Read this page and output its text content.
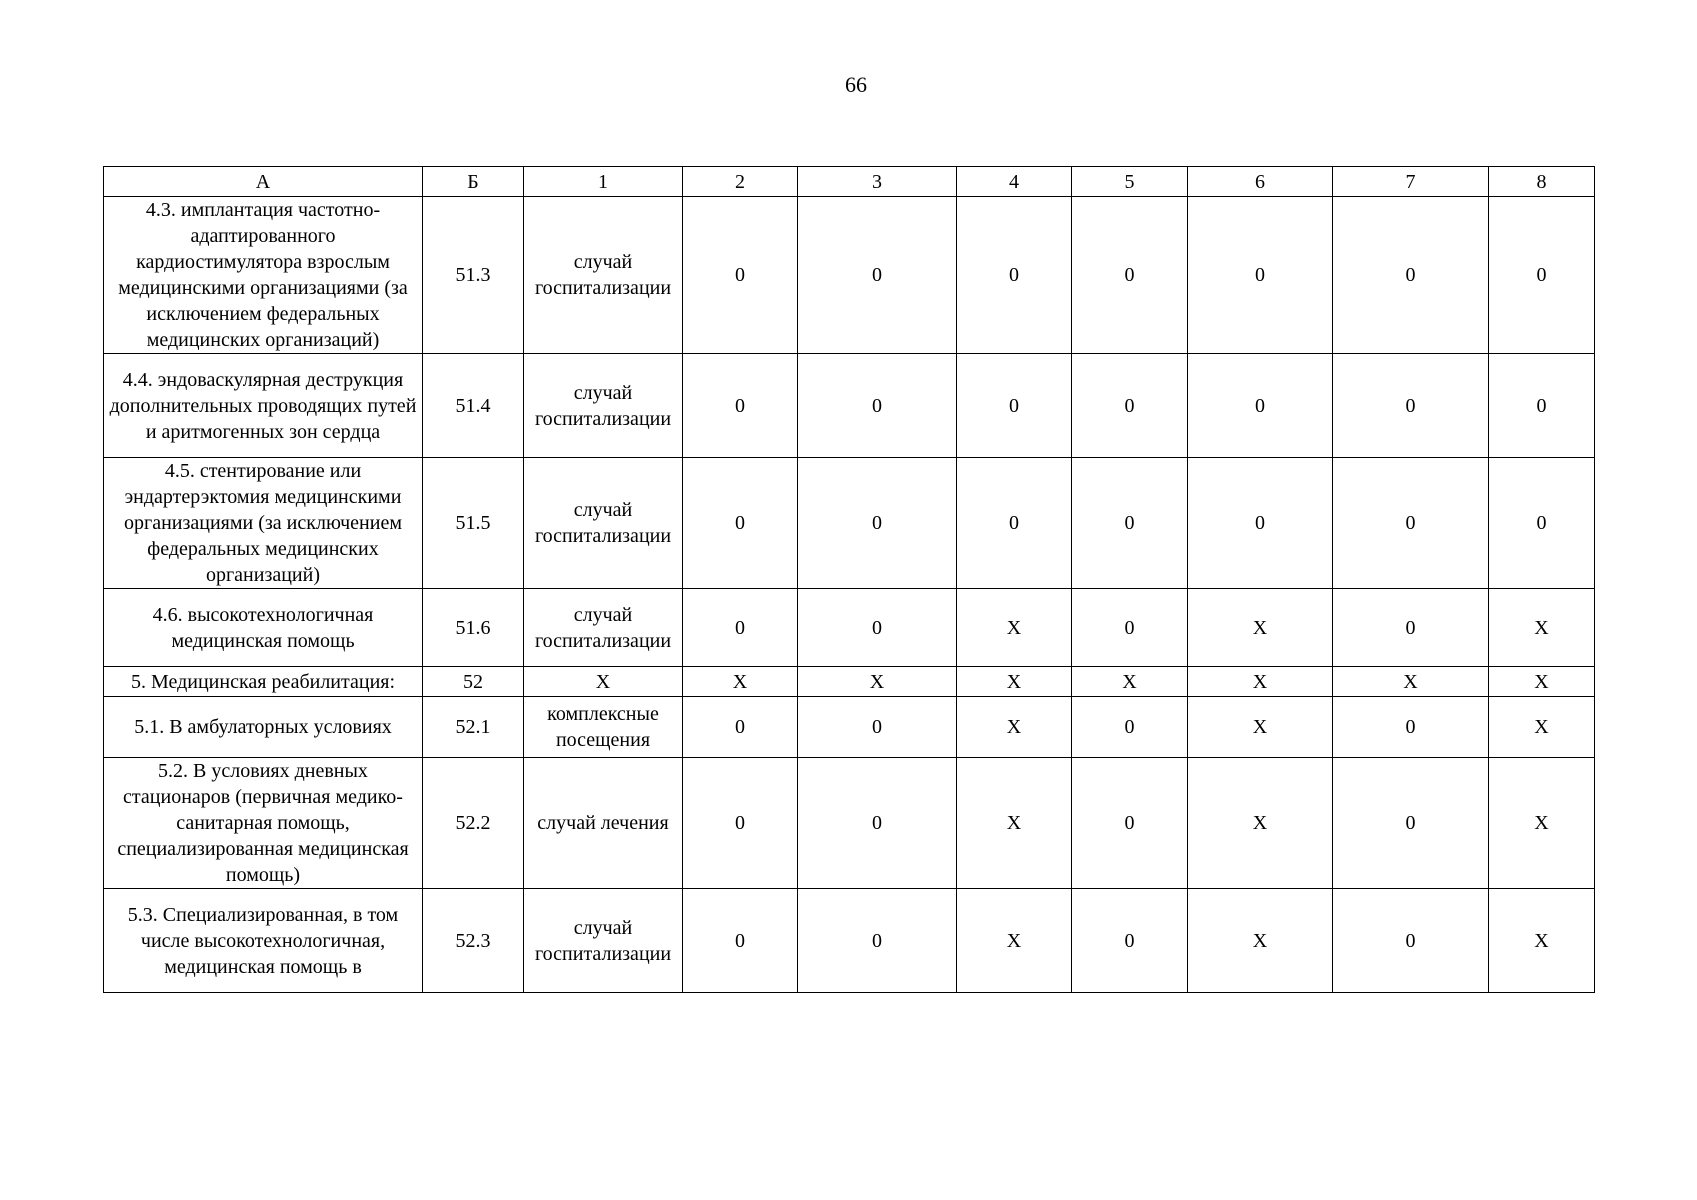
66
А	Б	1	2	3	4	5	6	7	8
4.3. имплантация частотно-адаптированного кардиостимулятора взрослым медицинскими организациями (за исключением федеральных медицинских организаций)	51.3	случай госпитализации	0	0	0	0	0	0	0
4.4. эндоваскулярная деструкция дополнительных проводящих путей и аритмогенных зон сердца	51.4	случай госпитализации	0	0	0	0	0	0	0
4.5. стентирование или эндартерэктомия медицинскими организациями (за исключением федеральных медицинских организаций)	51.5	случай госпитализации	0	0	0	0	0	0	0
4.6. высокотехнологичная медицинская помощь	51.6	случай госпитализации	0	0	X	0	X	0	X
5. Медицинская реабилитация:	52	X	X	X	X	X	X	X	X
5.1. В амбулаторных условиях	52.1	комплексные посещения	0	0	X	0	X	0	X
5.2. В условиях дневных стационаров (первичная медико-санитарная помощь, специализированная медицинская помощь)	52.2	случай лечения	0	0	X	0	X	0	X
5.3. Специализированная, в том числе высокотехнологичная, медицинская помощь в	52.3	случай госпитализации	0	0	X	0	X	0	X
